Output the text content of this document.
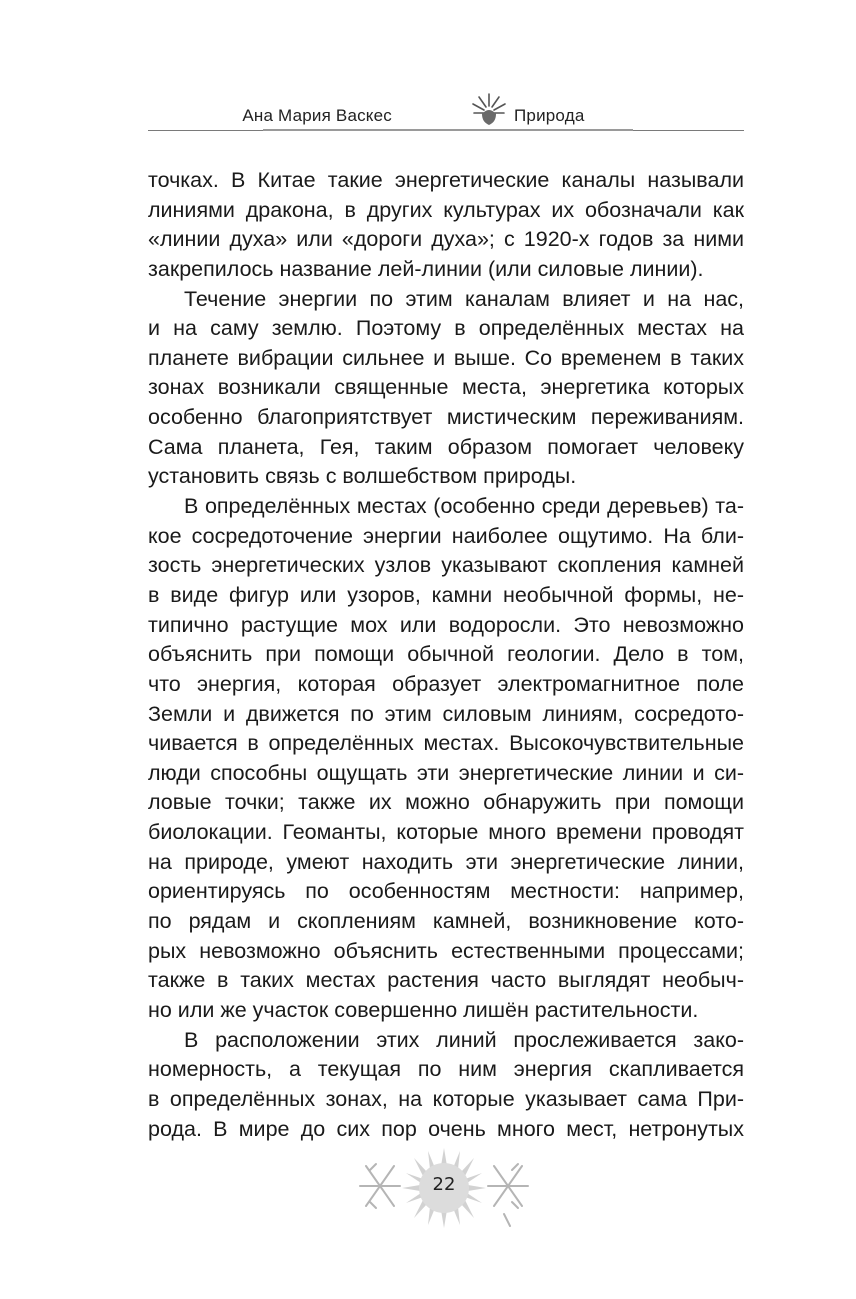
Ана Мария Васкес	Природа
точках. В Китае такие энергетические каналы называли
линиями дракона, в других культурах их обозначали как
«линии духа» или «дороги духа»; с 1920-х годов за ними
закрепилось название лей-линии (или силовые линии).
Течение энергии по этим каналам влияет и на нас,
и на саму землю. Поэтому в определённых местах на
планете вибрации сильнее и выше. Со временем в таких
зонах возникали священные места, энергетика которых
особенно благоприятствует мистическим переживаниям.
Сама планета, Гея, таким образом помогает человеку
установить связь с волшебством природы.
В определённых местах (особенно среди деревьев) та-
кое сосредоточение энергии наиболее ощутимо. На бли-
зость энергетических узлов указывают скопления камней
в виде фигур или узоров, камни необычной формы, не-
типично растущие мох или водоросли. Это невозможно
объяснить при помощи обычной геологии. Дело в том,
что энергия, которая образует электромагнитное поле
Земли и движется по этим силовым линиям, сосредото-
чивается в определённых местах. Высокочувствительные
люди способны ощущать эти энергетические линии и си-
ловые точки; также их можно обнаружить при помощи
биолокации. Геоманты, которые много времени проводят
на природе, умеют находить эти энергетические линии,
ориентируясь по особенностям местности: например,
по рядам и скоплениям камней, возникновение кото-
рых невозможно объяснить естественными процессами;
также в таких местах растения часто выглядят необыч-
но или же участок совершенно лишён растительности.
В расположении этих линий прослеживается зако-
номерность, а текущая по ним энергия скапливается
в определённых зонах, на которые указывает сама При-
рода. В мире до сих пор очень много мест, нетронутых
22
